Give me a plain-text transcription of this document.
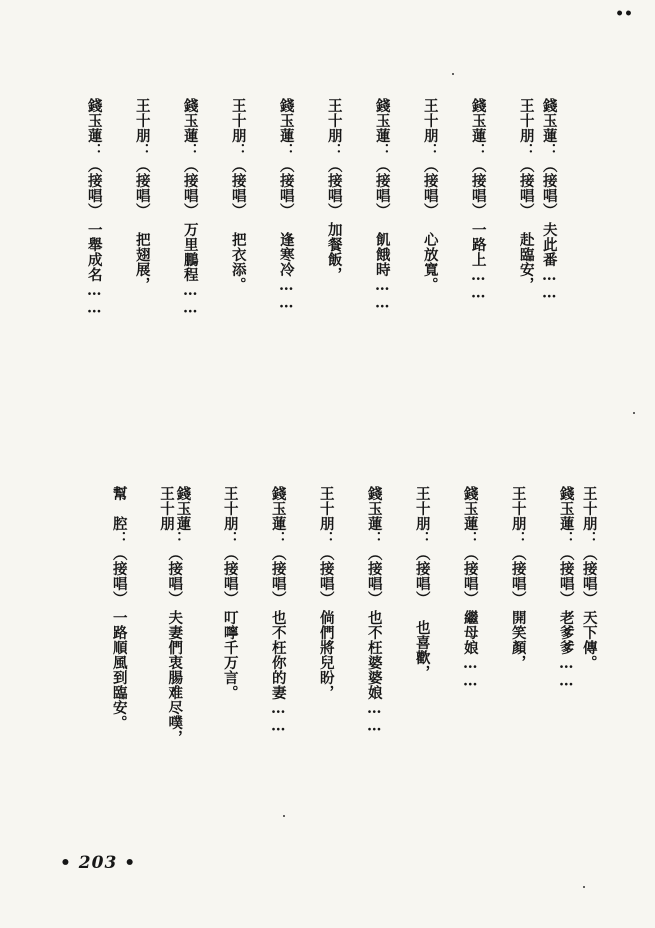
••
錢玉蓮
：（接唱）
夫此番……
王十朋
：（接唱）
赴臨安，
錢玉蓮
：（接唱）
一路上……
王十朋
：（接唱）
心放寬。
錢玉蓮
：（接唱）
飢餓時……
王十朋
：（接唱）
加餐飯，
錢玉蓮
：（接唱）
逢寒冷……
王十朋
：（接唱）
把衣添。
錢玉蓮
：（接唱）
万里鵬程……
王十朋
：（接唱）
把翅展，
錢玉蓮
：（接唱）
一舉成名……
王十朋
：（接唱）
天下傳。
錢玉蓮
：（接唱）
老爹爹……
王十朋
：（接唱）
開笑顏，
錢玉蓮
：（接唱）
繼母娘……
王十朋
：（接唱）
也喜歡，
錢玉蓮
：（接唱）
也不枉婆婆娘……
王十朋
：（接唱）
倘們將兒盼，
錢玉蓮
：（接唱）
也不枉你的妻……
王十朋
：（接唱）
叮嚀千万言。
錢玉蓮
王十朋
：（接唱）
夫妻們衷腸难尽噗，
幫　腔
：（接唱）
一路順風到臨安。
• 203 •
